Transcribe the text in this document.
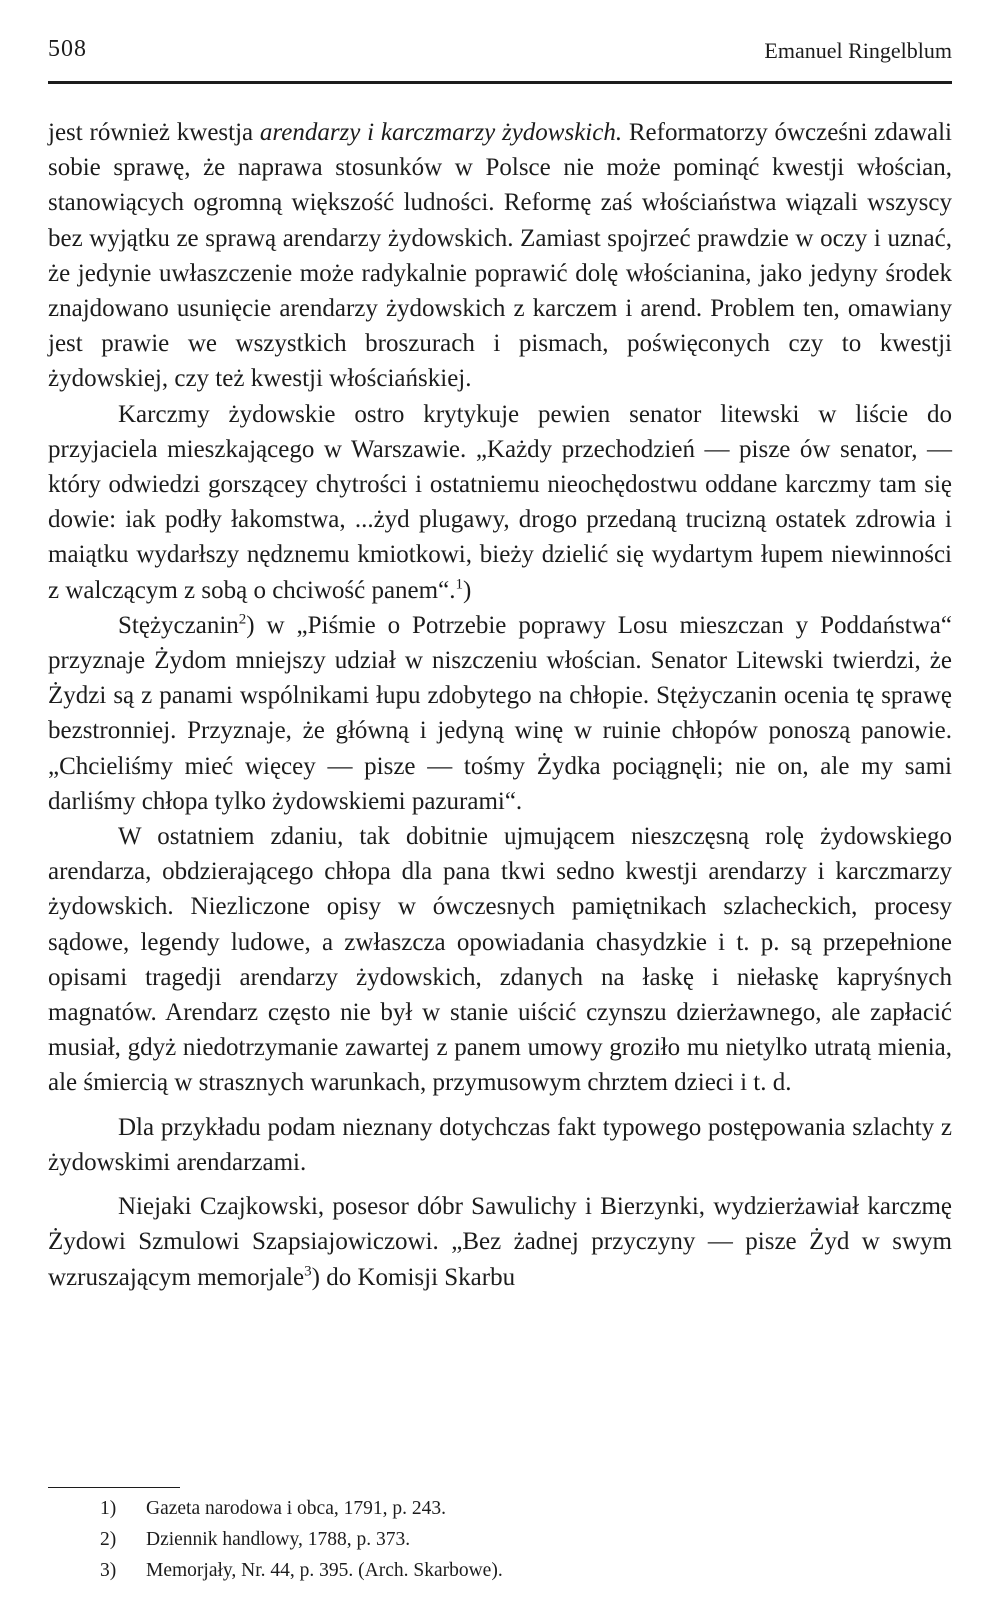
508	Emanuel Ringelblum

jest również kwestja arendarzy i karczmarzy żydowskich. Reformatorzy ówcześni zdawali sobie sprawę, że naprawa stosunków w Polsce nie może pominąć kwestji włościan, stanowiących ogromną większość ludności. Reformę zaś włościaństwa wiązali wszyscy bez wyjątku ze sprawą arendarzy żydowskich. Zamiast spojrzeć prawdzie w oczy i uznać, że jedynie uwłaszczenie może radykalnie poprawić dolę włościanina, jako jedyny środek znajdowano usunięcie arendarzy żydowskich z karczem i arend. Problem ten, omawiany jest prawie we wszystkich broszurach i pismach, poświęconych czy to kwestji żydowskiej, czy też kwestji włościańskiej.

Karczmy żydowskie ostro krytykuje pewien senator litewski w liście do przyjaciela mieszkającego w Warszawie. „Każdy przechodzień — pisze ów senator, — który odwiedzi gorszącey chytrości i ostatniemu nieochędostwu oddane karczmy tam się dowie: iak podły łakomstwa, ...żyd plugawy, drogo przedaną trucizną ostatek zdrowia i maiątku wydarłszy nędznemu kmiotkowi, bieży dzielić się wydartym łupem niewinności z walczącym z sobą o chciwość panem“.$^1$)

Stężyczanin$^2$) w „Piśmie o Potrzebie poprawy Losu mieszczan y Poddaństwa“ przyznaje Żydom mniejszy udział w niszczeniu włościan. Senator Litewski twierdzi, że Żydzi są z panami wspólnikami łupu zdobytego na chłopie. Stężyczanin ocenia tę sprawę bezstronniej. Przyznaje, że główną i jedyną winę w ruinie chłopów ponoszą panowie. „Chcieliśmy mieć więcey — pisze — tośmy Żydka pociągnęli; nie on, ale my sami darliśmy chłopa tylko żydowskiemi pazurami“.

W ostatniem zdaniu, tak dobitnie ujmującem nieszczęsną rolę żydowskiego arendarza, obdzierającego chłopa dla pana tkwi sedno kwestji arendarzy i karczmarzy żydowskich. Niezliczone opisy w ówczesnych pamiętnikach szlacheckich, procesy sądowe, legendy ludowe, a zwłaszcza opowiadania chasydzkie i t. p. są przepełnione opisami tragedji arendarzy żydowskich, zdanych na łaskę i niełaskę kapryśnych magnatów. Arendarz często nie był w stanie uiścić czynszu dzierżawnego, ale zapłacić musiał, gdyż niedotrzymanie zawartej z panem umowy groziło mu nietylko utratą mienia, ale śmiercią w strasznych warunkach, przymusowym chrztem dzieci i t. d.

Dla przykładu podam nieznany dotychczas fakt typowego postępowania szlachty z żydowskimi arendarzami.

Niejaki Czajkowski, posesor dóbr Sawulichy i Bierzynki, wydzierżawiał karczmę Żydowi Szmulowi Szapsiajowiczowi. „Bez żadnej przyczyny — pisze Żyd w swym wzruszającym memorjale$^3$) do Komisji Skarbu

1) Gazeta narodowa i obca, 1791, p. 243.
2) Dziennik handlowy, 1788, p. 373.
3) Memorjały, Nr. 44, p. 395. (Arch. Skarbowe).
